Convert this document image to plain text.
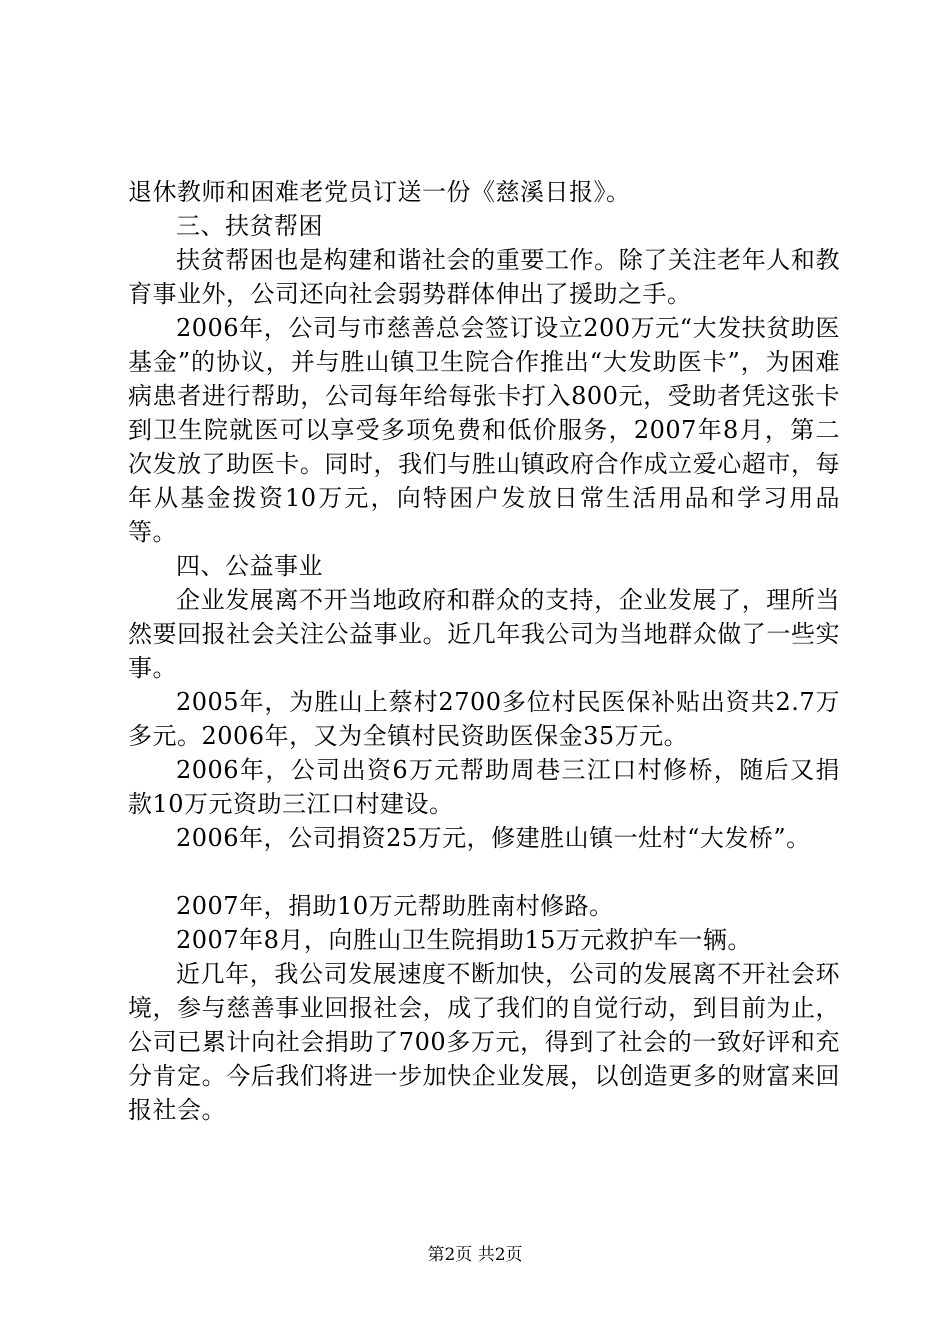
退休教师和困难老党员订送一份《慈溪日报》。

三、扶贫帮困

扶贫帮困也是构建和谐社会的重要工作。除了关注老年人和教育事业外，公司还向社会弱势群体伸出了援助之手。

2006年，公司与市慈善总会签订设立200万元“大发扶贫助医基金”的协议，并与胜山镇卫生院合作推出“大发助医卡”，为困难病患者进行帮助，公司每年给每张卡打入800元，受助者凭这张卡到卫生院就医可以享受多项免费和低价服务，2007年8月，第二次发放了助医卡。同时，我们与胜山镇政府合作成立爱心超市，每年从基金拨资10万元，向特困户发放日常生活用品和学习用品等。

四、公益事业

企业发展离不开当地政府和群众的支持，企业发展了，理所当然要回报社会关注公益事业。近几年我公司为当地群众做了一些实事。

2005年，为胜山上蔡村2700多位村民医保补贴出资共2.7万多元。2006年，又为全镇村民资助医保金35万元。

2006年，公司出资6万元帮助周巷三江口村修桥，随后又捐款10万元资助三江口村建设。

2006年，公司捐资25万元，修建胜山镇一灶村“大发桥”。

2007年，捐助10万元帮助胜南村修路。

2007年8月，向胜山卫生院捐助15万元救护车一辆。

近几年，我公司发展速度不断加快，公司的发展离不开社会环境，参与慈善事业回报社会，成了我们的自觉行动，到目前为止，公司已累计向社会捐助了700多万元，得到了社会的一致好评和充分肯定。今后我们将进一步加快企业发展，以创造更多的财富来回报社会。

第2页 共2页
